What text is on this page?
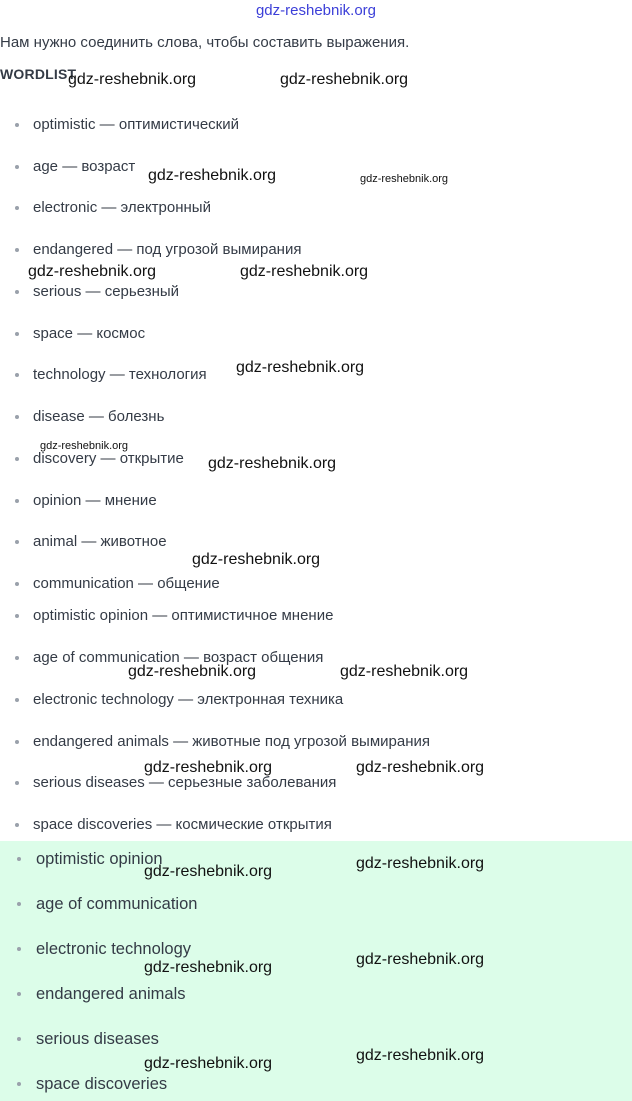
gdz-reshebnik.org
Нам нужно соединить слова, чтобы составить выражения.
WORDLIST
optimistic — оптимистический
age — возраст
electronic — электронный
endangered — под угрозой вымирания
serious — серьезный
space — космос
technology — технология
disease — болезнь
discovery — открытие
opinion — мнение
animal — животное
communication — общение
optimistic opinion — оптимистичное мнение
age of communication — возраст общения
electronic technology — электронная техника
endangered animals — животные под угрозой вымирания
serious diseases — серьезные заболевания
space discoveries — космические открытия
optimistic opinion
age of communication
electronic technology
endangered animals
serious diseases
space discoveries
gdz-reshebnik.org	gdz-reshebnik.org
gdz-reshebnik.org	gdz-reshebnik.org
gdz-reshebnik.org	gdz-reshebnik.org
gdz-reshebnik.org
gdz-reshebnik.org
gdz-reshebnik.org
gdz-reshebnik.org
gdz-reshebnik.org	gdz-reshebnik.org
gdz-reshebnik.org	gdz-reshebnik.org
gdz-reshebnik.org	gdz-reshebnik.org
gdz-reshebnik.org	gdz-reshebnik.org
gdz-reshebnik.org	gdz-reshebnik.org
